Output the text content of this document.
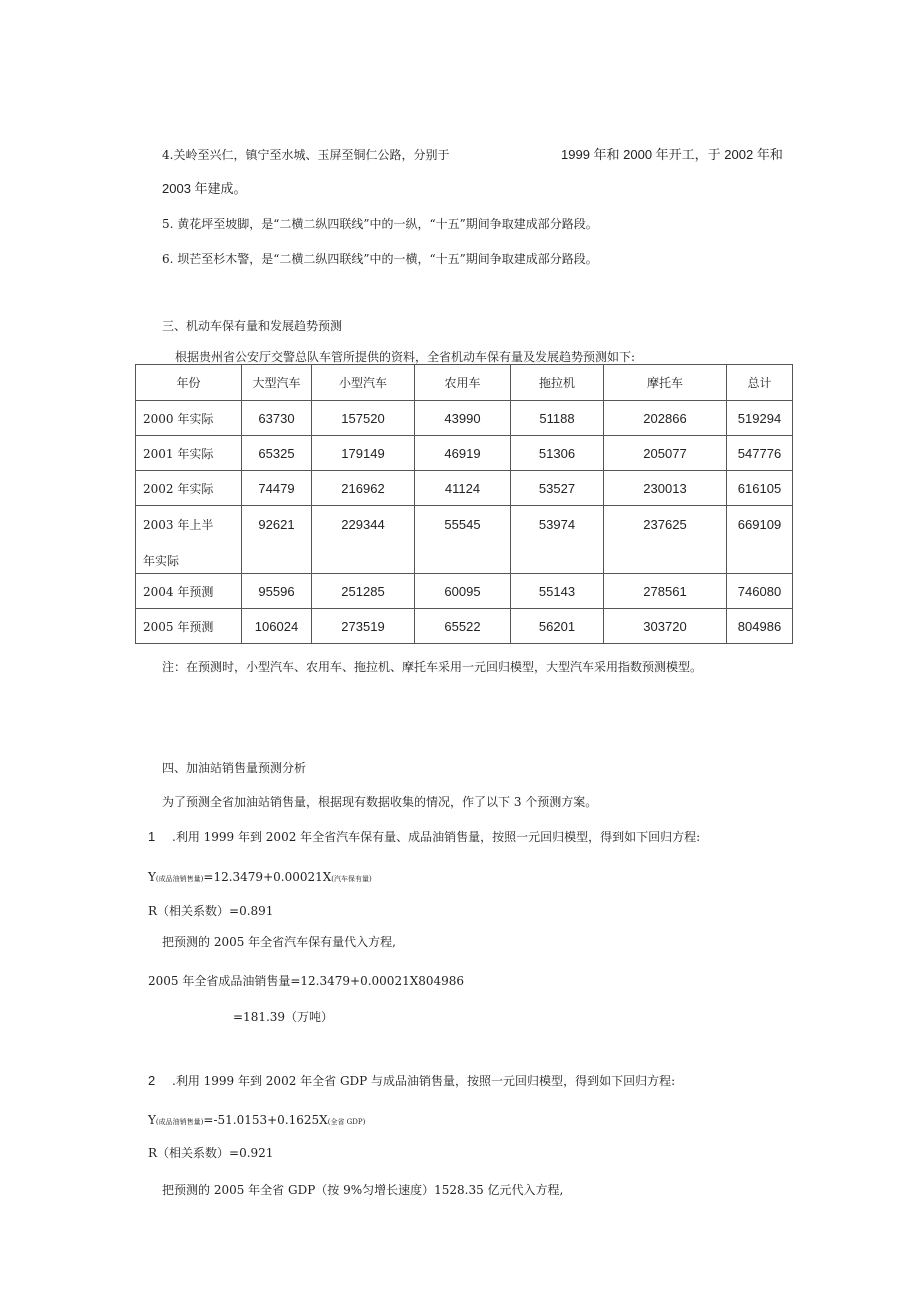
4.关岭至兴仁，镇宁至水城、玉屏至铜仁公路，分别于	1999 年和 2000 年开工，于 2002 年和
2003 年建成。
5. 黄花坪至坡脚，是“二横二纵四联线”中的一纵，“十五”期间争取建成部分路段。
6. 坝芒至杉木警，是“二横二纵四联线”中的一横，“十五”期间争取建成部分路段。
三、机动车保有量和发展趋势预测
根据贵州省公安厅交警总队车管所提供的资料，全省机动车保有量及发展趋势预测如下:
年份	大型汽车	小型汽车	农用车	拖拉机	摩托车	总计
2000 年实际	63730	157520	43990	51188	202866	519294
2001 年实际	65325	179149	46919	51306	205077	547776
2002 年实际	74479	216962	41124	53527	230013	616105

2003 年上半
年实际	92621	229344	55545	53974	237625	669109

2004 年预测	95596	251285	60095	55143	278561	746080
2005 年预测	106024	273519	65522	56201	303720	804986
注：在预测时，小型汽车、农用车、拖拉机、摩托车采用一元回归模型，大型汽车采用指数预测模型。
四、加油站销售量预测分析
为了预测全省加油站销售量，根据现有数据收集的情况，作了以下 3 个预测方案。
1 .利用 1999 年到 2002 年全省汽车保有量、成品油销售量，按照一元回归模型，得到如下回归方程:
Y(成品油销售量)=12.3479+0.00021X(汽车保有量)
R（相关系数）=0.891
把预测的 2005 年全省汽车保有量代入方程,
2005 年全省成品油销售量=12.3479+0.00021X804986
=181.39（万吨）
2 .利用 1999 年到 2002 年全省 GDP 与成品油销售量，按照一元回归模型，得到如下回归方程:
Y(成品油销售量)=-51.0153+0.1625X(全省 GDP)
R（相关系数）=0.921
把预测的 2005 年全省 GDP（按 9%匀增长速度）1528.35 亿元代入方程,
